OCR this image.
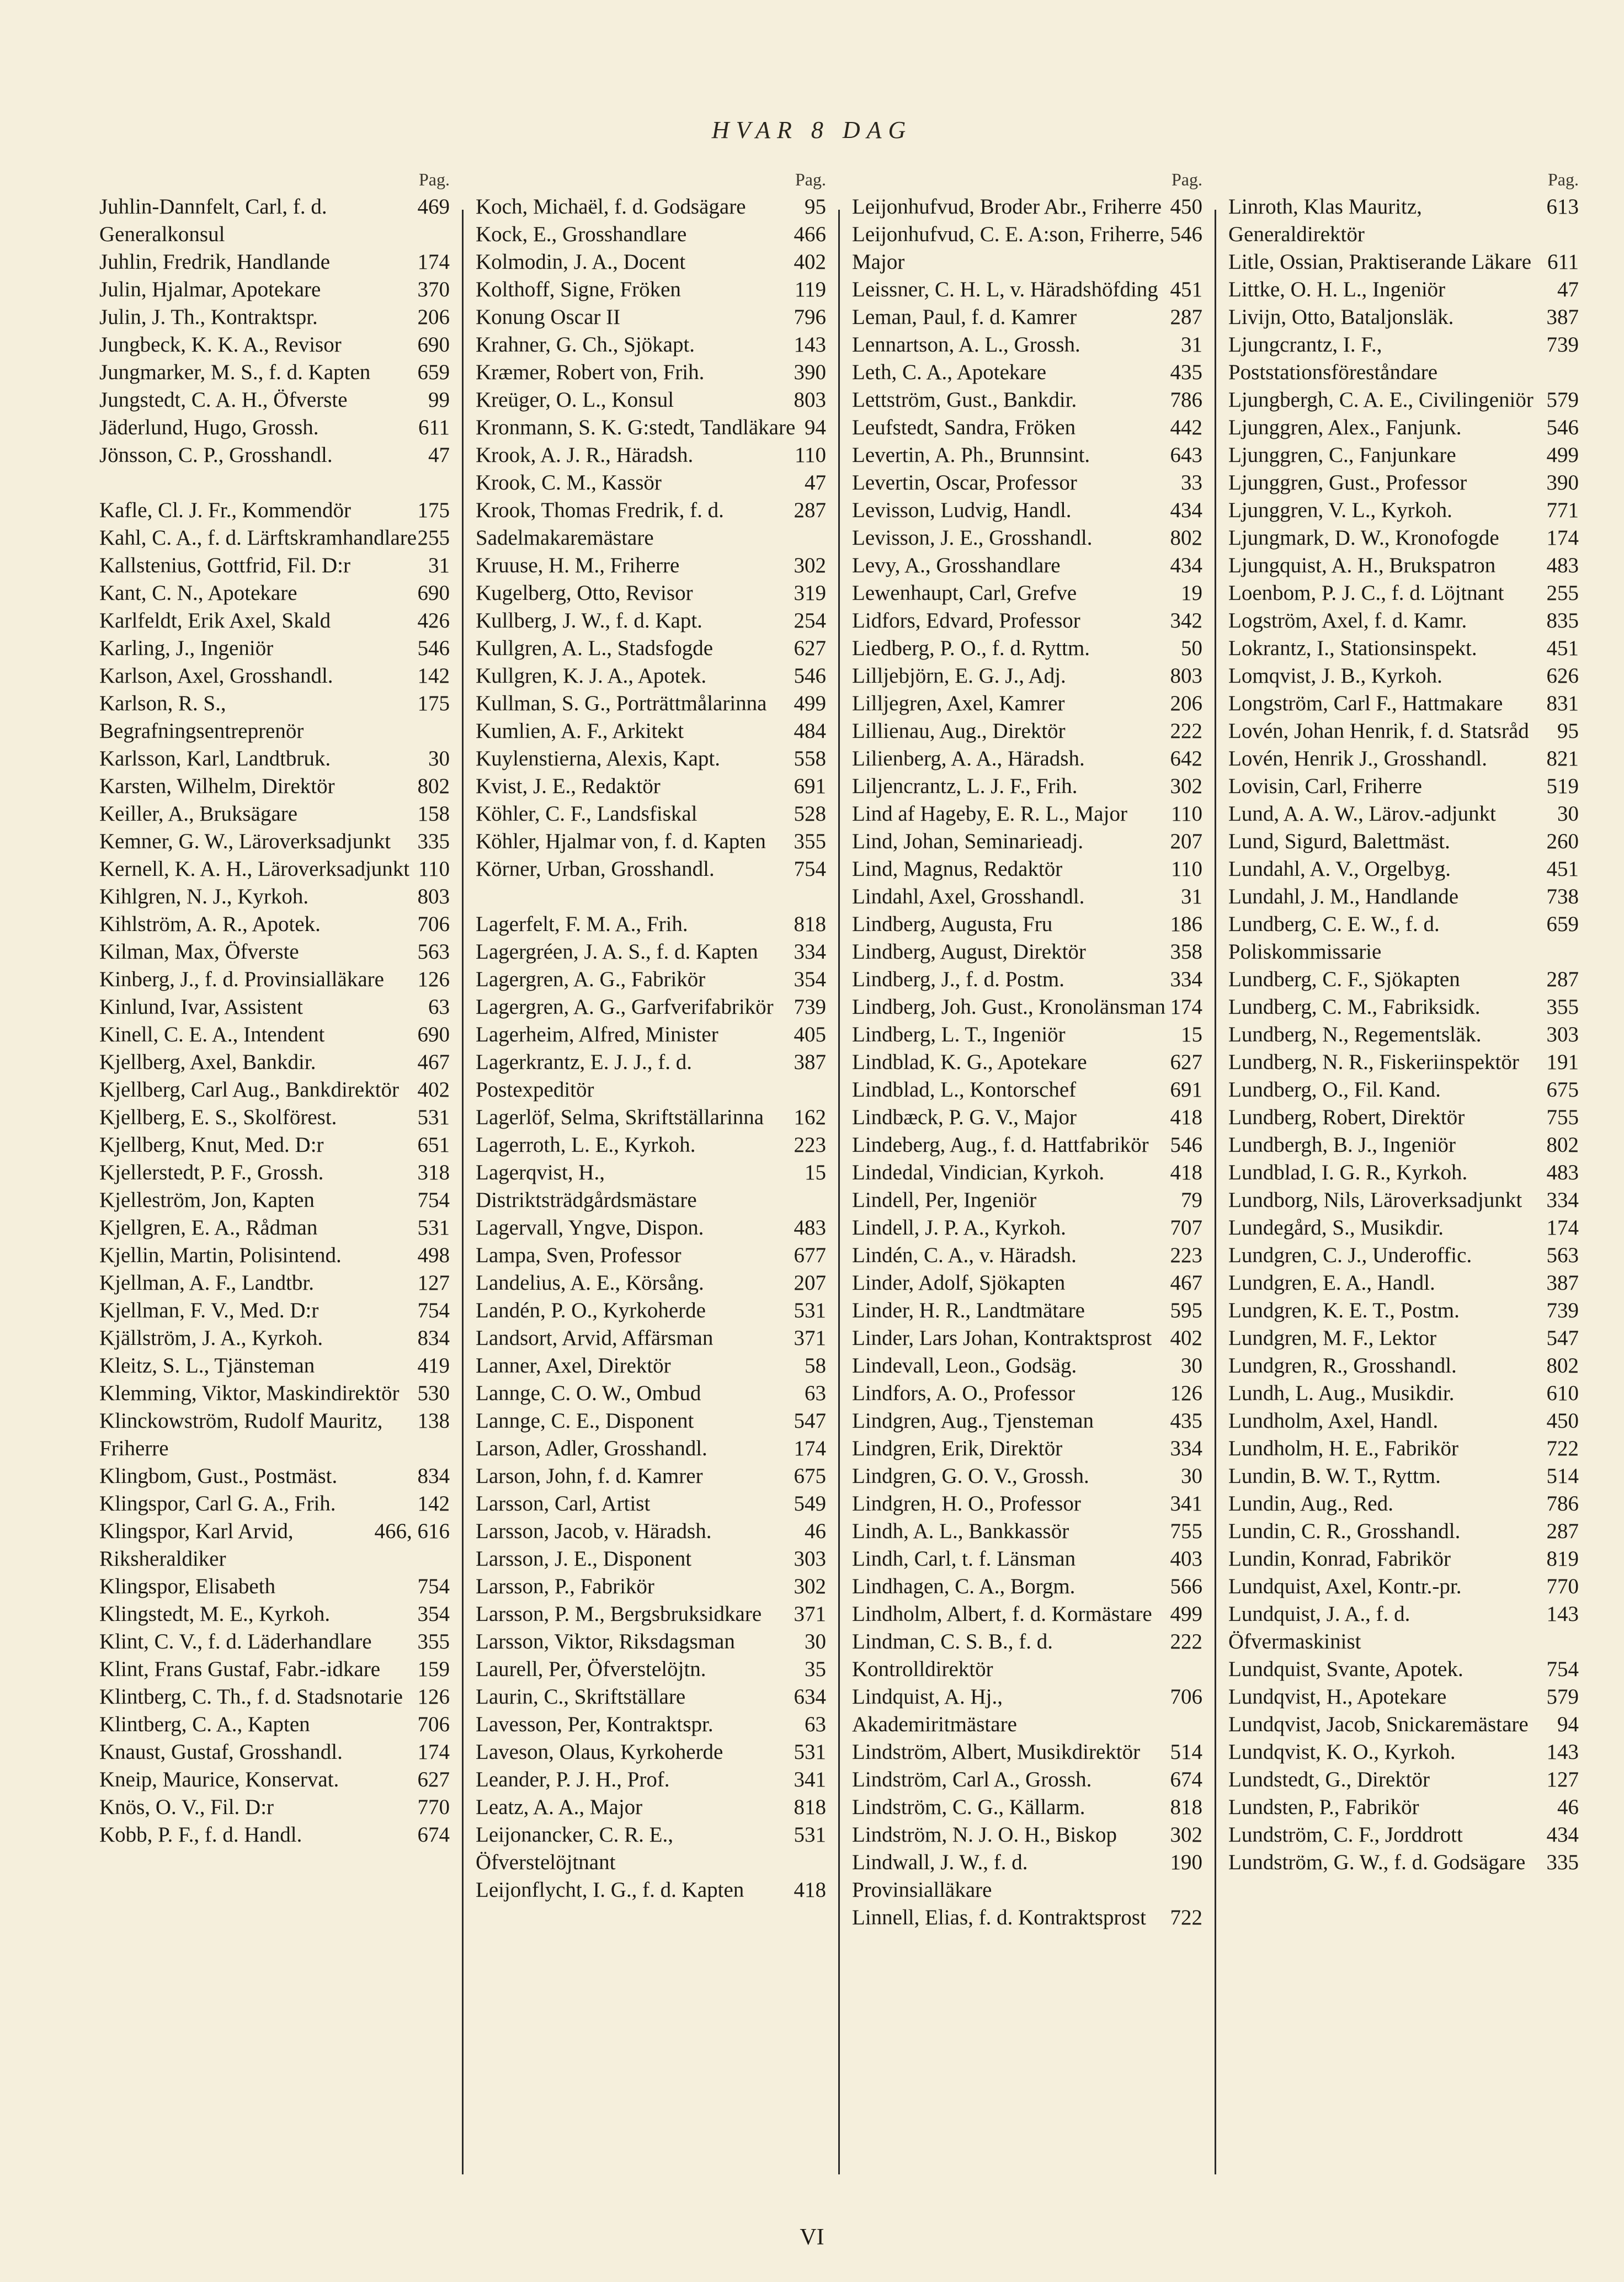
HVAR 8 DAG
Pag.
469
Juhlin-Dannfelt, Carl, f. d. Generalkonsul
174
Juhlin, Fredrik, Handlande
370
Julin, Hjalmar, Apotekare
206
Julin, J. Th., Kontraktspr.
690
Jungbeck, K. K. A., Revisor
659
Jungmarker, M. S., f. d. Kapten
99
Jungstedt, C. A. H., Öfverste
611
Jäderlund, Hugo, Grossh.
47
Jönsson, C. P., Grosshandl.
175
Kafle, Cl. J. Fr., Kommendör
255
Kahl, C. A., f. d. Lärftskramhandlare
31
Kallstenius, Gottfrid, Fil. D:r
690
Kant, C. N., Apotekare
426
Karlfeldt, Erik Axel, Skald
546
Karling, J., Ingeniör
142
Karlson, Axel, Grosshandl.
175
Karlson, R. S., Begrafningsentreprenör
30
Karlsson, Karl, Landtbruk.
802
Karsten, Wilhelm, Direktör
158
Keiller, A., Bruksägare
335
Kemner, G. W., Läroverksadjunkt
110
Kernell, K. A. H., Läroverksadjunkt
803
Kihlgren, N. J., Kyrkoh.
706
Kihlström, A. R., Apotek.
563
Kilman, Max, Öfverste
126
Kinberg, J., f. d. Provinsialläkare
63
Kinlund, Ivar, Assistent
690
Kinell, C. E. A., Intendent
467
Kjellberg, Axel, Bankdir.
402
Kjellberg, Carl Aug., Bankdirektör
531
Kjellberg, E. S., Skolförest.
651
Kjellberg, Knut, Med. D:r
318
Kjellerstedt, P. F., Grossh.
754
Kjelleström, Jon, Kapten
531
Kjellgren, E. A., Rådman
498
Kjellin, Martin, Polisintend.
127
Kjellman, A. F., Landtbr.
754
Kjellman, F. V., Med. D:r
834
Kjällström, J. A., Kyrkoh.
419
Kleitz, S. L., Tjänsteman
530
Klemming, Viktor, Maskindirektör
138
Klinckowström, Rudolf Mauritz, Friherre
834
Klingbom, Gust., Postmäst.
142
Klingspor, Carl G. A., Frih.
466, 616
Klingspor, Karl Arvid, Riksheraldiker
754
Klingspor, Elisabeth
354
Klingstedt, M. E., Kyrkoh.
355
Klint, C. V., f. d. Läderhandlare
159
Klint, Frans Gustaf, Fabr.-idkare
126
Klintberg, C. Th., f. d. Stadsnotarie
706
Klintberg, C. A., Kapten
174
Knaust, Gustaf, Grosshandl.
627
Kneip, Maurice, Konservat.
770
Knös, O. V., Fil. D:r
674
Kobb, P. F., f. d. Handl.
Pag.
95
Koch, Michaël, f. d. Godsägare
466
Kock, E., Grosshandlare
402
Kolmodin, J. A., Docent
119
Kolthoff, Signe, Fröken
796
Konung Oscar II
143
Krahner, G. Ch., Sjökapt.
390
Kræmer, Robert von, Frih.
803
Kreüger, O. L., Konsul
94
Kronmann, S. K. G:stedt, Tandläkare
110
Krook, A. J. R., Häradsh.
47
Krook, C. M., Kassör
287
Krook, Thomas Fredrik, f. d. Sadelmakaremästare
302
Kruuse, H. M., Friherre
319
Kugelberg, Otto, Revisor
254
Kullberg, J. W., f. d. Kapt.
627
Kullgren, A. L., Stadsfogde
546
Kullgren, K. J. A., Apotek.
499
Kullman, S. G., Porträttmålarinna
484
Kumlien, A. F., Arkitekt
558
Kuylenstierna, Alexis, Kapt.
691
Kvist, J. E., Redaktör
528
Köhler, C. F., Landsfiskal
355
Köhler, Hjalmar von, f. d. Kapten
754
Körner, Urban, Grosshandl.
818
Lagerfelt, F. M. A., Frih.
334
Lagergréen, J. A. S., f. d. Kapten
354
Lagergren, A. G., Fabrikör
739
Lagergren, A. G., Garfverifabrikör
405
Lagerheim, Alfred, Minister
387
Lagerkrantz, E. J. J., f. d. Postexpeditör
162
Lagerlöf, Selma, Skriftställarinna
223
Lagerroth, L. E., Kyrkoh.
15
Lagerqvist, H., Distriktsträdgårdsmästare
483
Lagervall, Yngve, Dispon.
677
Lampa, Sven, Professor
207
Landelius, A. E., Körsång.
531
Landén, P. O., Kyrkoherde
371
Landsort, Arvid, Affärsman
58
Lanner, Axel, Direktör
63
Lannge, C. O. W., Ombud
547
Lannge, C. E., Disponent
174
Larson, Adler, Grosshandl.
675
Larson, John, f. d. Kamrer
549
Larsson, Carl, Artist
46
Larsson, Jacob, v. Häradsh.
303
Larsson, J. E., Disponent
302
Larsson, P., Fabrikör
371
Larsson, P. M., Bergsbruksidkare
30
Larsson, Viktor, Riksdagsman
35
Laurell, Per, Öfverstelöjtn.
634
Laurin, C., Skriftställare
63
Lavesson, Per, Kontraktspr.
531
Laveson, Olaus, Kyrkoherde
341
Leander, P. J. H., Prof.
818
Leatz, A. A., Major
531
Leijonancker, C. R. E., Öfverstelöjtnant
418
Leijonflycht, I. G., f. d. Kapten
Pag.
450
Leijonhufvud, Broder Abr., Friherre
546
Leijonhufvud, C. E. A:son, Friherre, Major
451
Leissner, C. H. L, v. Häradshöfding
287
Leman, Paul, f. d. Kamrer
31
Lennartson, A. L., Grossh.
435
Leth, C. A., Apotekare
786
Lettström, Gust., Bankdir.
442
Leufstedt, Sandra, Fröken
643
Levertin, A. Ph., Brunnsint.
33
Levertin, Oscar, Professor
434
Levisson, Ludvig, Handl.
802
Levisson, J. E., Grosshandl.
434
Levy, A., Grosshandlare
19
Lewenhaupt, Carl, Grefve
342
Lidfors, Edvard, Professor
50
Liedberg, P. O., f. d. Ryttm.
803
Lilljebjörn, E. G. J., Adj.
206
Lilljegren, Axel, Kamrer
222
Lillienau, Aug., Direktör
642
Lilienberg, A. A., Häradsh.
302
Liljencrantz, L. J. F., Frih.
110
Lind af Hageby, E. R. L., Major
207
Lind, Johan, Seminarieadj.
110
Lind, Magnus, Redaktör
31
Lindahl, Axel, Grosshandl.
186
Lindberg, Augusta, Fru
358
Lindberg, August, Direktör
334
Lindberg, J., f. d. Postm.
174
Lindberg, Joh. Gust., Kronolänsman
15
Lindberg, L. T., Ingeniör
627
Lindblad, K. G., Apotekare
691
Lindblad, L., Kontorschef
418
Lindbæck, P. G. V., Major
546
Lindeberg, Aug., f. d. Hattfabrikör
418
Lindedal, Vindician, Kyrkoh.
79
Lindell, Per, Ingeniör
707
Lindell, J. P. A., Kyrkoh.
223
Lindén, C. A., v. Häradsh.
467
Linder, Adolf, Sjökapten
595
Linder, H. R., Landtmätare
402
Linder, Lars Johan, Kontraktsprost
30
Lindevall, Leon., Godsäg.
126
Lindfors, A. O., Professor
435
Lindgren, Aug., Tjensteman
334
Lindgren, Erik, Direktör
30
Lindgren, G. O. V., Grossh.
341
Lindgren, H. O., Professor
755
Lindh, A. L., Bankkassör
403
Lindh, Carl, t. f. Länsman
566
Lindhagen, C. A., Borgm.
499
Lindholm, Albert, f. d. Kormästare
222
Lindman, C. S. B., f. d. Kontrolldirektör
706
Lindquist, A. Hj., Akademiritmästare
514
Lindström, Albert, Musikdirektör
674
Lindström, Carl A., Grossh.
818
Lindström, C. G., Källarm.
302
Lindström, N. J. O. H., Biskop
190
Lindwall, J. W., f. d. Provinsialläkare
722
Linnell, Elias, f. d. Kontraktsprost
Pag.
613
Linroth, Klas Mauritz, Generaldirektör
611
Litle, Ossian, Praktiserande Läkare
47
Littke, O. H. L., Ingeniör
387
Livijn, Otto, Bataljonsläk.
739
Ljungcrantz, I. F., Poststationsföreståndare
579
Ljungbergh, C. A. E., Civilingeniör
546
Ljunggren, Alex., Fanjunk.
499
Ljunggren, C., Fanjunkare
390
Ljunggren, Gust., Professor
771
Ljunggren, V. L., Kyrkoh.
174
Ljungmark, D. W., Kronofogde
483
Ljungquist, A. H., Brukspatron
255
Loenbom, P. J. C., f. d. Löjtnant
835
Logström, Axel, f. d. Kamr.
451
Lokrantz, I., Stationsinspekt.
626
Lomqvist, J. B., Kyrkoh.
831
Longström, Carl F., Hattmakare
95
Lovén, Johan Henrik, f. d. Statsråd
821
Lovén, Henrik J., Grosshandl.
519
Lovisin, Carl, Friherre
30
Lund, A. A. W., Lärov.-adjunkt
260
Lund, Sigurd, Balettmäst.
451
Lundahl, A. V., Orgelbyg.
738
Lundahl, J. M., Handlande
659
Lundberg, C. E. W., f. d. Poliskommissarie
287
Lundberg, C. F., Sjökapten
355
Lundberg, C. M., Fabriksidk.
303
Lundberg, N., Regementsläk.
191
Lundberg, N. R., Fiskeriinspektör
675
Lundberg, O., Fil. Kand.
755
Lundberg, Robert, Direktör
802
Lundbergh, B. J., Ingeniör
483
Lundblad, I. G. R., Kyrkoh.
334
Lundborg, Nils, Läroverksadjunkt
174
Lundegård, S., Musikdir.
563
Lundgren, C. J., Underoffic.
387
Lundgren, E. A., Handl.
739
Lundgren, K. E. T., Postm.
547
Lundgren, M. F., Lektor
802
Lundgren, R., Grosshandl.
610
Lundh, L. Aug., Musikdir.
450
Lundholm, Axel, Handl.
722
Lundholm, H. E., Fabrikör
514
Lundin, B. W. T., Ryttm.
786
Lundin, Aug., Red.
287
Lundin, C. R., Grosshandl.
819
Lundin, Konrad, Fabrikör
770
Lundquist, Axel, Kontr.-pr.
143
Lundquist, J. A., f. d. Öfvermaskinist
754
Lundquist, Svante, Apotek.
579
Lundqvist, H., Apotekare
94
Lundqvist, Jacob, Snickaremästare
143
Lundqvist, K. O., Kyrkoh.
127
Lundstedt, G., Direktör
46
Lundsten, P., Fabrikör
434
Lundström, C. F., Jorddrott
335
Lundström, G. W., f. d. Godsägare
VI
